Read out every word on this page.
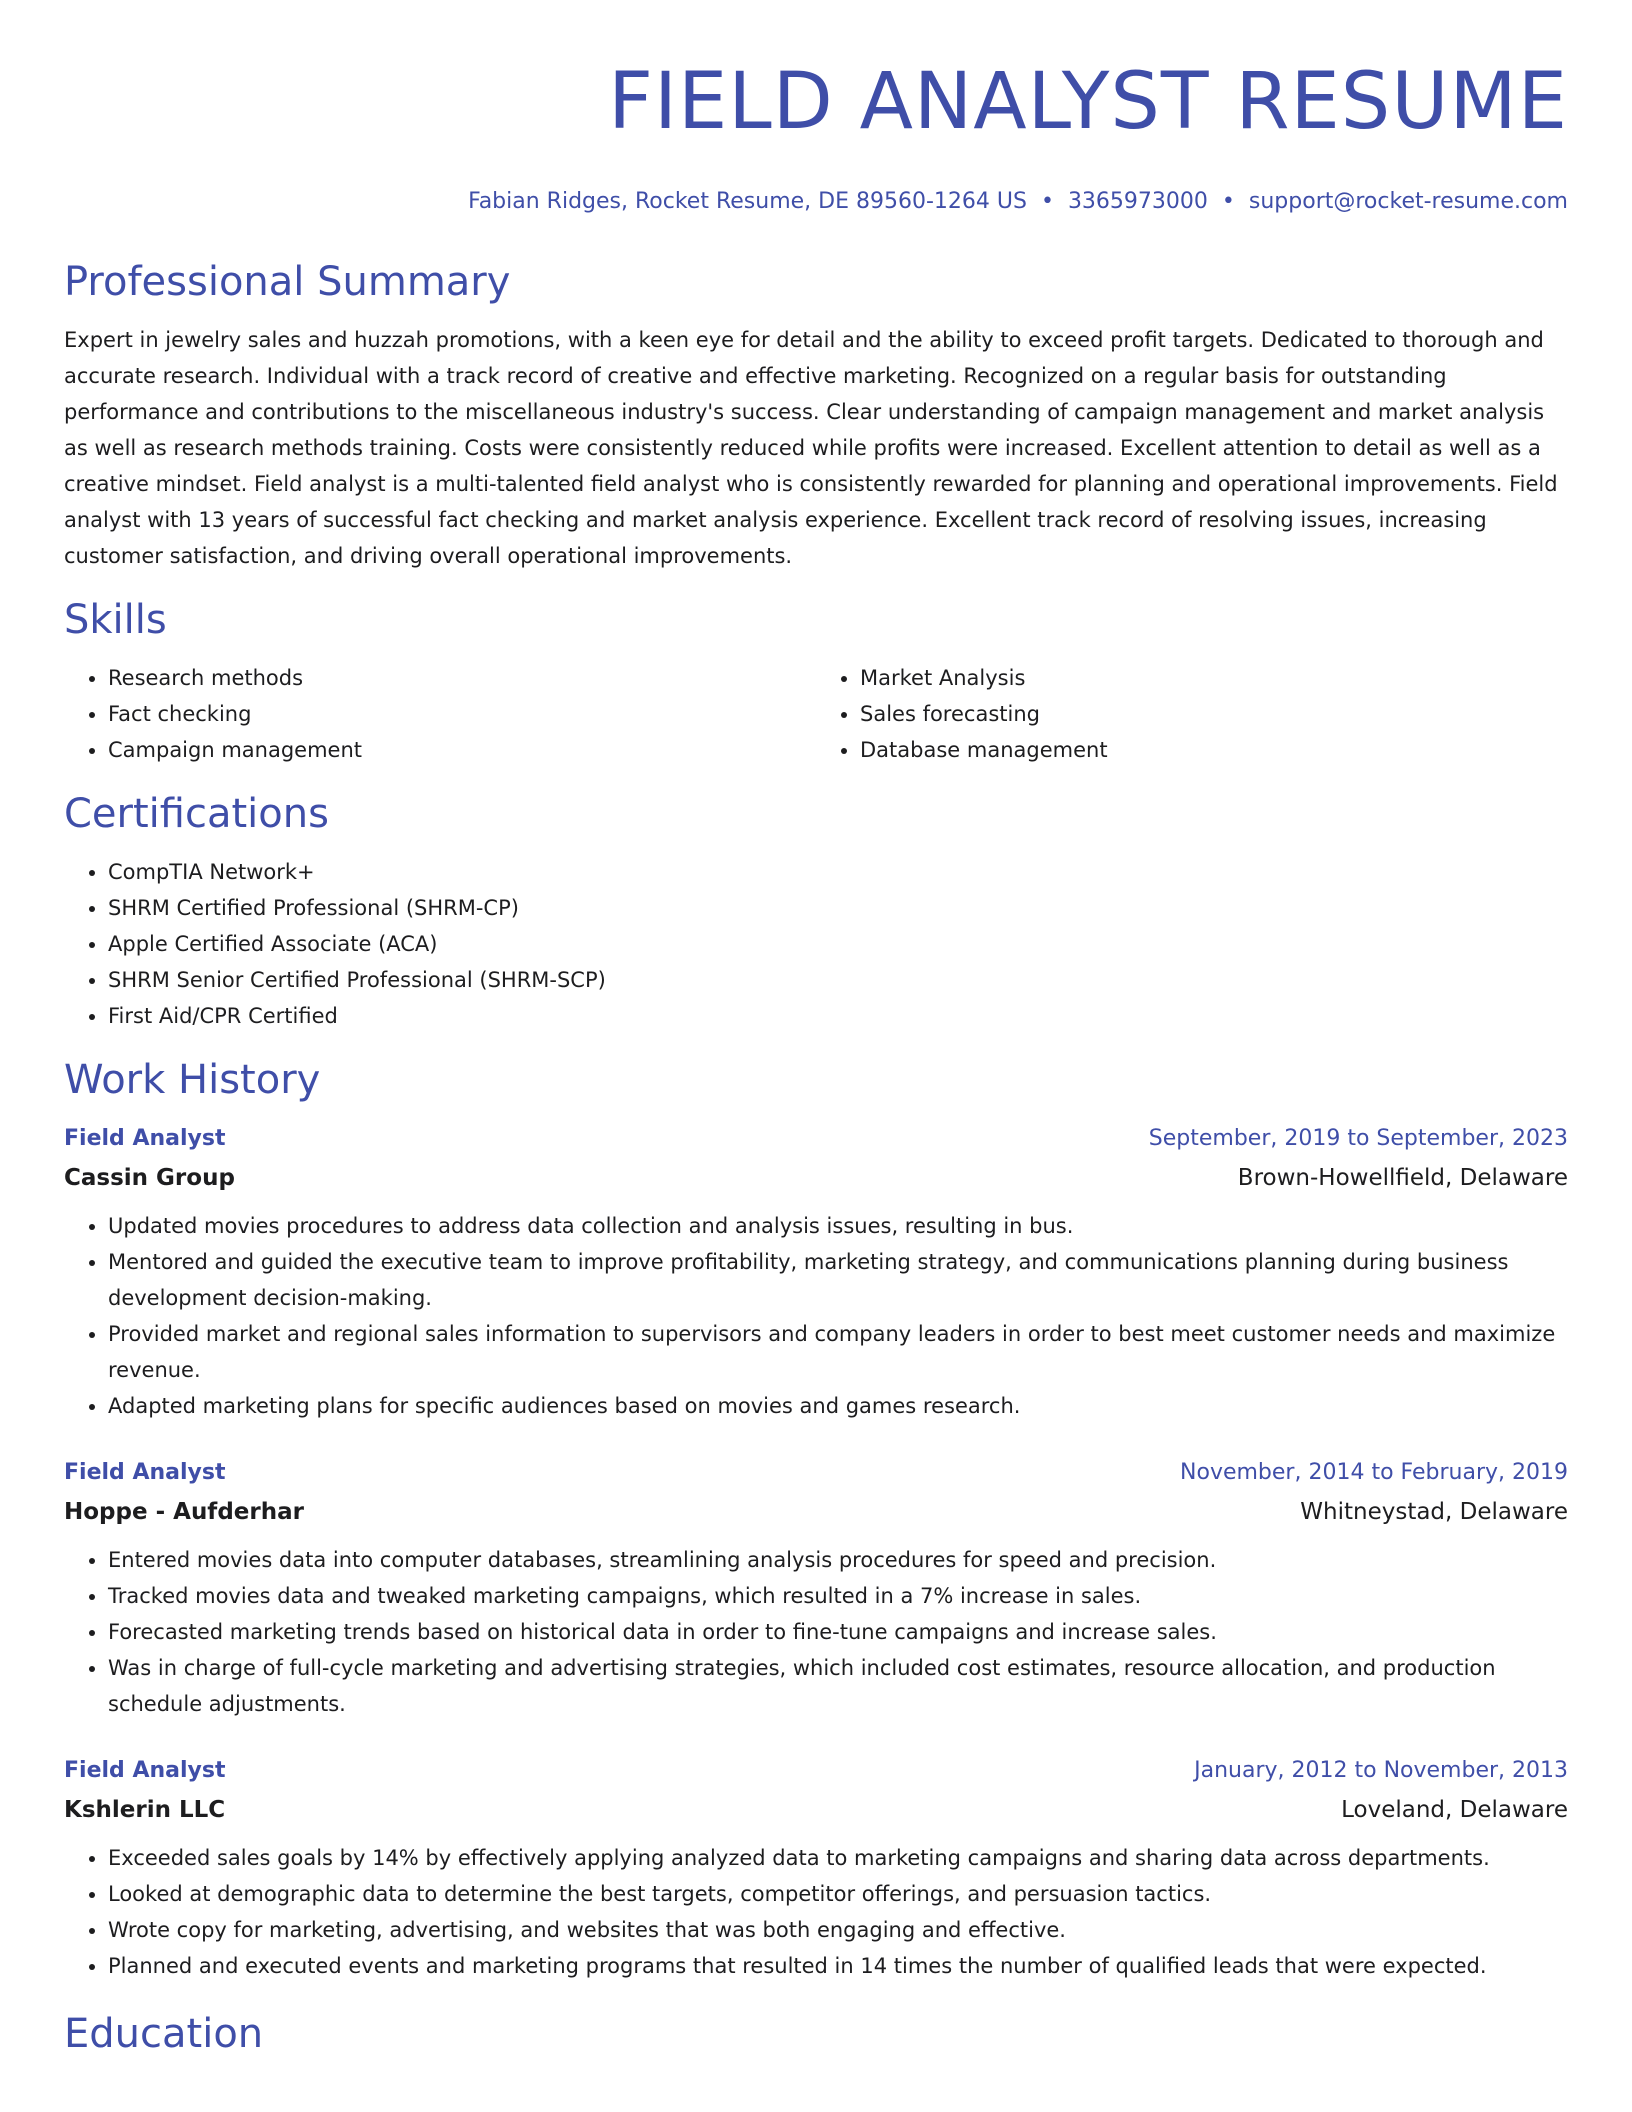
FIELD ANALYST RESUME
Fabian Ridges, Rocket Resume, DE 89560-1264 US • 3365973000 • support@rocket-resume.com
Professional Summary

Expert in jewelry sales and huzzah promotions, with a keen eye for detail and the ability to exceed profit targets. Dedicated to thorough and accurate research. Individual with a track record of creative and effective marketing. Recognized on a regular basis for outstanding performance and contributions to the miscellaneous industry's success. Clear understanding of campaign management and market analysis as well as research methods training. Costs were consistently reduced while profits were increased. Excellent attention to detail as well as a creative mindset. Field analyst is a multi-talented field analyst who is consistently rewarded for planning and operational improvements. Field analyst with 13 years of successful fact checking and market analysis experience. Excellent track record of resolving issues, increasing customer satisfaction, and driving overall operational improvements.

Skills
• Research methods
• Fact checking
• Campaign management
• Market Analysis
• Sales forecasting
• Database management
Certifications
• CompTIA Network+
• SHRM Certified Professional (SHRM-CP)
• Apple Certified Associate (ACA)
• SHRM Senior Certified Professional (SHRM-SCP)
• First Aid/CPR Certified
Work History
Field Analyst	September, 2019 to September, 2023
Cassin Group	Brown-Howellfield, Delaware
• Updated movies procedures to address data collection and analysis issues, resulting in bus.
• Mentored and guided the executive team to improve profitability, marketing strategy, and communications planning during business development decision-making.
• Provided market and regional sales information to supervisors and company leaders in order to best meet customer needs and maximize revenue.
• Adapted marketing plans for specific audiences based on movies and games research.
Field Analyst	November, 2014 to February, 2019
Hoppe - Aufderhar	Whitneystad, Delaware
• Entered movies data into computer databases, streamlining analysis procedures for speed and precision.
• Tracked movies data and tweaked marketing campaigns, which resulted in a 7% increase in sales.
• Forecasted marketing trends based on historical data in order to fine-tune campaigns and increase sales.
• Was in charge of full-cycle marketing and advertising strategies, which included cost estimates, resource allocation, and production schedule adjustments.
Field Analyst	January, 2012 to November, 2013
Kshlerin LLC	Loveland, Delaware
• Exceeded sales goals by 14% by effectively applying analyzed data to marketing campaigns and sharing data across departments.
• Looked at demographic data to determine the best targets, competitor offerings, and persuasion tactics.
• Wrote copy for marketing, advertising, and websites that was both engaging and effective.
• Planned and executed events and marketing programs that resulted in 14 times the number of qualified leads that were expected.
Education
